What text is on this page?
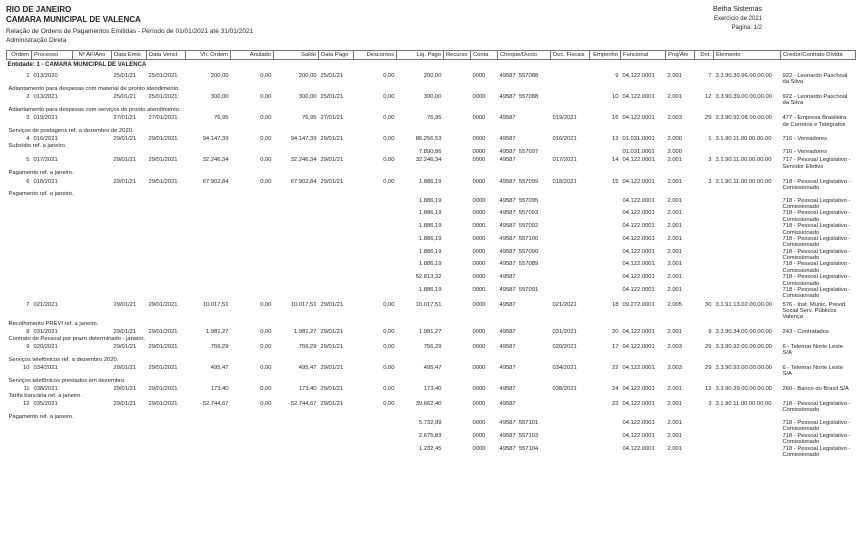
RIO DE JANEIRO
CAMARA MUNICIPAL DE VALENCA
Relação de Ordens de Pagamentos Emitidas - Período de 01/01/2021 até 31/01/2021
Administração Direta
Betha Sistemas
Exercício de 2021
Página: 1/2
Ordem	Processo	Nº AF/Ano	Data Emis	Data Venct	Vlr. Ordem	Anulado	Saldo	Data Pago	Descontos	Liq. Pago	Recurso	Conta	Cheque/Docto	Doc. Fiscais	Empenho	Funcional	Proj/Atv	Dot.	Elemento	Credor/Contrato Dívida
Entidade: 1 - CAMARA MUNICIPAL DE VALENCA																				
1	013/2020		25/01/21	25/01/2021	200,00	0,00	200,00	25/01/21	0,00	200,00		0000	49587  557088		9	04.122.0001	2.001	7	3.3.90.30.96.00.00.00	922 - Leonardo Paschoal da Silva
Adiantamento para despesas com material de pronto atendimento.																				
2	013/2021		25/01/21	25/01/2021	300,00	0,00	300,00	25/01/21	0,00	300,00		0000	49587  557088		10	04.122.0001	2.001	12	3.3.90.39.00.00.00.00	922 - Leonardo Paschoal da Silva
Adiantamento para despesas com serviços de pronto atendimento.																				
3	019/2021		27/01/21	27/01/2021	76,95	0,00	76,95	27/01/21	0,00	76,95		0000	49587	019/2021	16	04.122.0001	2.003	29	3.3.90.92.08.00.00.00	477 - Empresa Brasileira de Correios e Telégrafos
Serviços de postagens ref. a dezembro de 2020.																				
4	016/2021		29/01/21	29/01/2021	94.147,39	0,00	94.147,39	29/01/21	0,00	86.256,53		0000	49587	016/2021	13	01.031.0001	2.000	1	3.1.90.11.00.00.00.00	716 - Vereadores
Subsídio ref. a janeiro.																				
										7.890,86		0000	49587  557097			01.031.0001	2.000			716 - Vereadores
5	017/2021		29/01/21	29/01/2021	32.246,34	0,00	32.246,34	29/01/21	0,00	32.246,34		0000	49587	017/2021	14	04.122.0001	2.001	3	3.1.90.11.00.00.00.00	717 - Pessoal Legislativo - Servidor Efetivo
Pagamento ref. a janeiro.																				
6	018/2021		29/01/21	29/01/2021	67.902,84	0,00	67.902,84	29/01/21	0,00	1.886,19		0000	49587  557099	018/2021	15	04.122.0001	2.001	3	3.1.90.11.00.00.00.00	718 - Pessoal Legislativo - Comissionado
Pagamento ref. a janeiro.																				
										1.886,19		0000	49587  557095			04.122.0001	2.001			718 - Pessoal Legislativo - Comissionado
										1.886,19		0000	49587  557093			04.122.0001	2.001			718 - Pessoal Legislativo - Comissionado
										1.886,19		0000	49587  557092			04.122.0001	2.001			718 - Pessoal Legislativo - Comissionado
										1.886,19		0000	49587  557100			04.122.0001	2.001			718 - Pessoal Legislativo - Comissionado
										1.886,19		0000	49587  557090			04.122.0001	2.001			718 - Pessoal Legislativo - Comissionado
										1.886,19		0000	49587  557089			04.122.0001	2.001			718 - Pessoal Legislativo - Comissionado
										52.813,32		0000	49587			04.122.0001	2.001			718 - Pessoal Legislativo - Comissionado
										1.886,19		0000	49587  557091			04.122.0001	2.001			718 - Pessoal Legislativo - Comissionado
7	021/2021		29/01/21	29/01/2021	10.017,51	0,00	10.017,51	29/01/21	0,00	10.017,51		0000	49587	021/2021	18	09.272.0001	2.005	30	3.1.91.13.02.00.00.00	576 - Inst. Munic. Previd. Social Serv. Públicos Valença
Recolhimento PREVI ref. a janeiro.																				
8	031/2021		29/01/21	29/01/2021	1.981,27	0,00	1.981,27	29/01/21	0,00	1.981,27		0000	49587	031/2021	20	04.122.0001	2.001	9	3.3.90.34.00.00.00.00	243 - Contratados
Contrato de Pessoal por prazo determinado - janeiro.																				
9	020/2021		29/01/21	29/01/2021	756,29	0,00	756,29	29/01/21	0,00	756,29		0000	49587	020/2021	17	04.122.0001	2.003	29	3.3.90.92.00.00.00.00	6 - Telemar Norte Leste S/A
Serviços telefônicos ref. a dezembro 2020.																				
10	034/2021		29/01/21	29/01/2021	495,47	0,00	495,47	29/01/21	0,00	495,47		0000	49587	034/2021	22	04.122.0001	2.003	29	3.3.90.92.00.00.00.00	6 - Telemar Norte Leste S/A
Serviços telefônicos prestados em dezembro.																				
11	038/2021		29/01/21	29/01/2021	173,40	0,00	173,40	29/01/21	0,00	173,40		0000	49587	038/2021	24	04.122.0001	2.001	12	3.3.90.39.00.00.00.00	260 - Banco do Brasil S/A
Tarifa bancária ref. a janeiro.																				
12	035/2021		29/01/21	29/01/2021	52.744,67	0,00	52.744,67	29/01/21	0,00	39.662,40		0000	49587		23	04.122.0001	2.001	3	3.1.90.11.00.00.00.00	718 - Pessoal Legislativo - Comissionado
Pagamento ref. a janeiro.																				
										5.732,99		0000	49587  557101			04.122.0001	2.001			718 - Pessoal Legislativo - Comissionado
										2.675,83		0000	49587  557103			04.122.0001	2.001			718 - Pessoal Legislativo - Comissionado
										1.232,45		0000	49587  557104			04.122.0001	2.001			718 - Pessoal Legislativo - Comissionado
